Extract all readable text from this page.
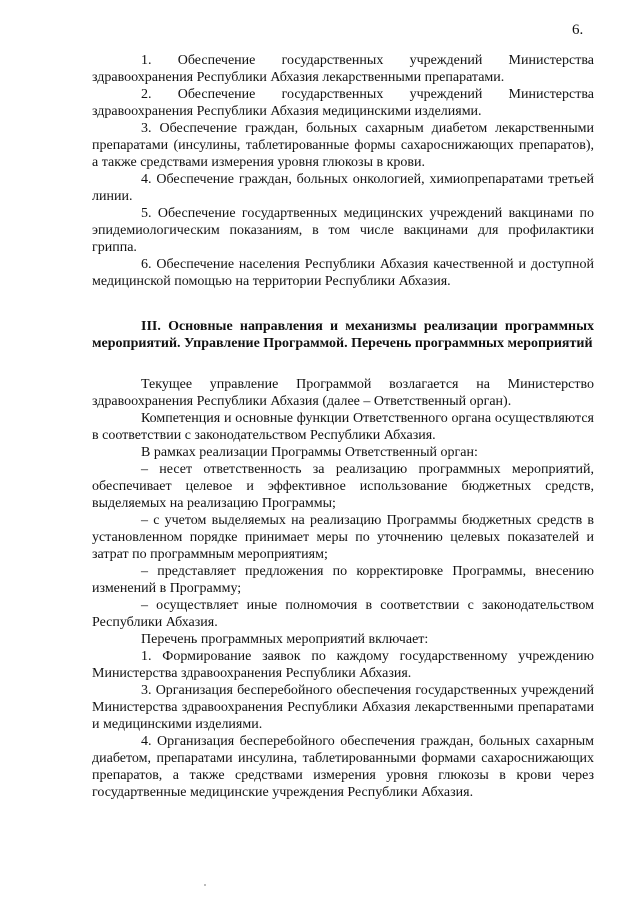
6.

1. Обеспечение государственных учреждений Министерства здравоохранения Республики Абхазия лекарственными препаратами.

2. Обеспечение государственных учреждений Министерства здравоохранения Республики Абхазия медицинскими изделиями.

3. Обеспечение граждан, больных сахарным диабетом лекарственными препаратами (инсулины, таблетированные формы сахароснижающих препаратов), а также средствами измерения уровня глюкозы в крови.

4. Обеспечение граждан, больных онкологией, химиопрепаратами третьей линии.

5. Обеспечение государтвенных медицинских учреждений вакцинами по эпидемиологическим показаниям, в том числе вакцинами для профилактики гриппа.

6. Обеспечение населения Республики Абхазия качественной и доступной медицинской помощью на территории Республики Абхазия.

III. Основные направления и механизмы реализации программных мероприятий. Управление Программой. Перечень программных мероприятий

Текущее управление Программой возлагается на Министерство здравоохранения Республики Абхазия (далее – Ответственный орган).

Компетенция и основные функции Ответственного органа осуществляются в соответствии с законодательством Республики Абхазия.

В рамках реализации Программы Ответственный орган:

– несет ответственность за реализацию программных мероприятий, обеспечивает целевое и эффективное использование бюджетных средств, выделяемых на реализацию Программы;

– с учетом выделяемых на реализацию Программы бюджетных средств в установленном порядке принимает меры по уточнению целевых показателей и затрат по программным мероприятиям;

– представляет предложения по корректировке Программы, внесению изменений в Программу;

– осуществляет иные полномочия в соответствии с законодательством Республики Абхазия.

Перечень программных мероприятий включает:

1. Формирование заявок по каждому государственному учреждению Министерства здравоохранения Республики Абхазия.

3. Организация бесперебойного обеспечения государственных учреждений Министерства здравоохранения Республики Абхазия лекарственными препаратами и медицинскими изделиями.

4. Организация бесперебойного обеспечения граждан, больных сахарным диабетом, препаратами инсулина, таблетированными формами сахароснижающих препаратов, а также средствами измерения уровня глюкозы в крови через государтвенные медицинские учреждения Республики Абхазия.
